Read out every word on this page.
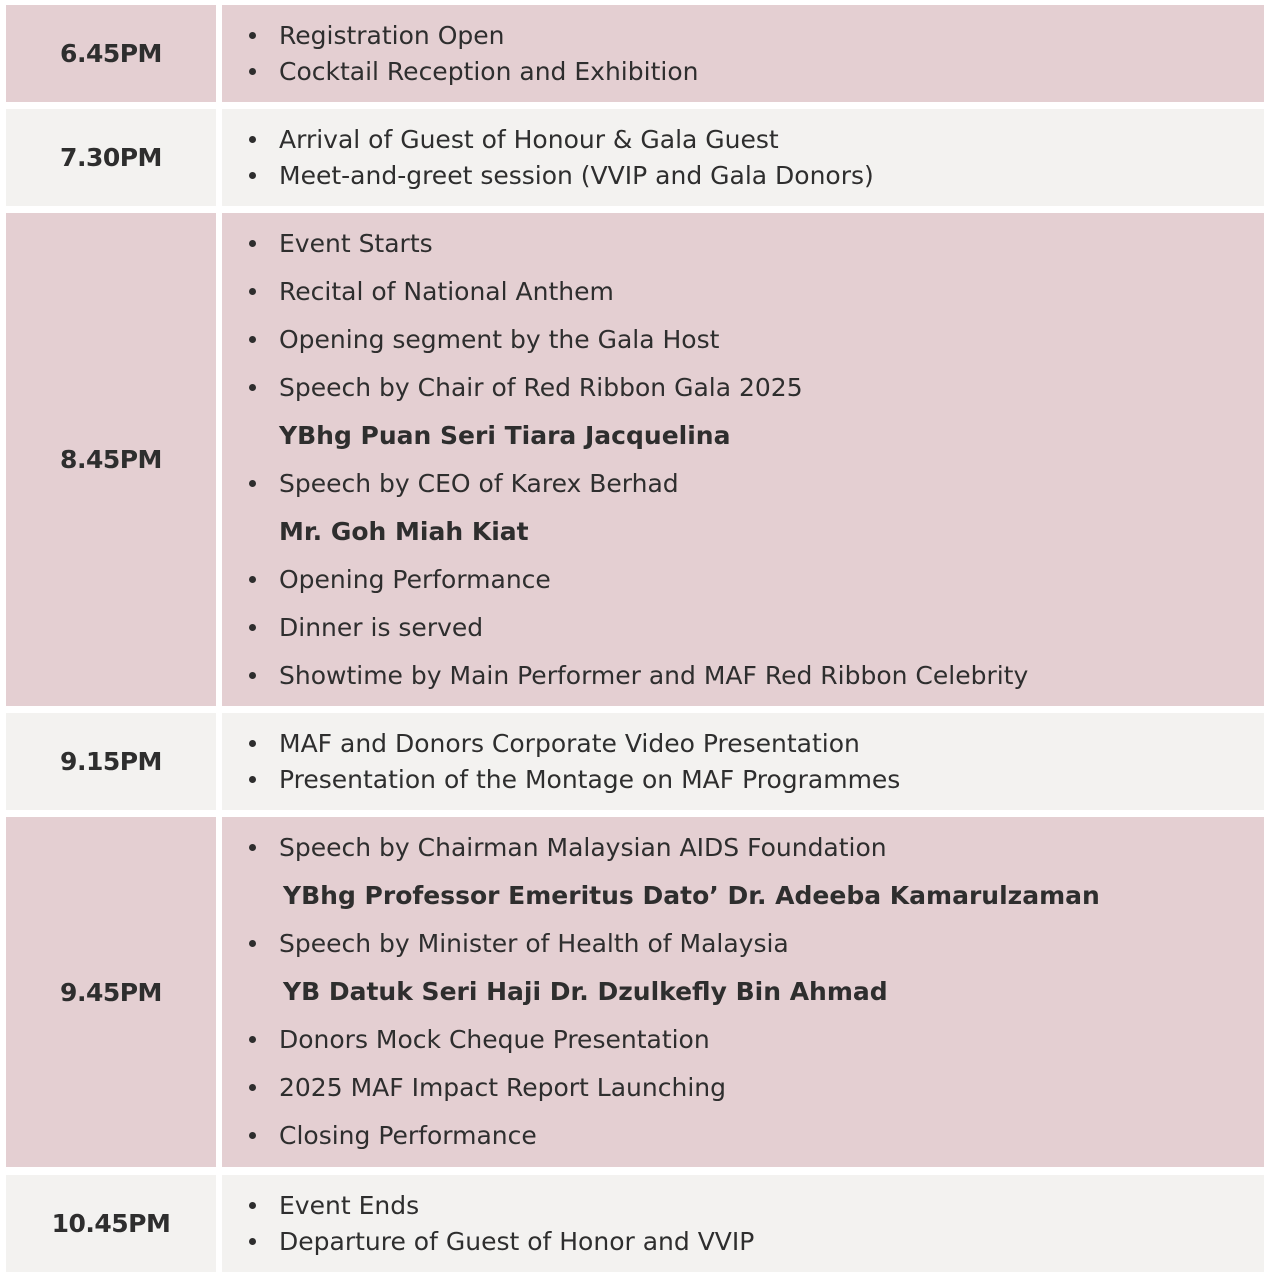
6.45PM
Registration Open
Cocktail Reception and Exhibition
7.30PM
Arrival of Guest of Honour & Gala Guest
Meet-and-greet session (VVIP and Gala Donors)
8.45PM
Event Starts
Recital of National Anthem
Opening segment by the Gala Host
Speech by Chair of Red Ribbon Gala 2025
YBhg Puan Seri Tiara Jacquelina
Speech by CEO of Karex Berhad
Mr. Goh Miah Kiat
Opening Performance
Dinner is served
Showtime by Main Performer and MAF Red Ribbon Celebrity
9.15PM
MAF and Donors Corporate Video Presentation
Presentation of the Montage on MAF Programmes
9.45PM
Speech by Chairman Malaysian AIDS Foundation
YBhg Professor Emeritus Dato’ Dr. Adeeba Kamarulzaman
Speech by Minister of Health of Malaysia
YB Datuk Seri Haji Dr. Dzulkefly Bin Ahmad
Donors Mock Cheque Presentation
2025 MAF Impact Report Launching
Closing Performance
10.45PM
Event Ends
Departure of Guest of Honor and VVIP
